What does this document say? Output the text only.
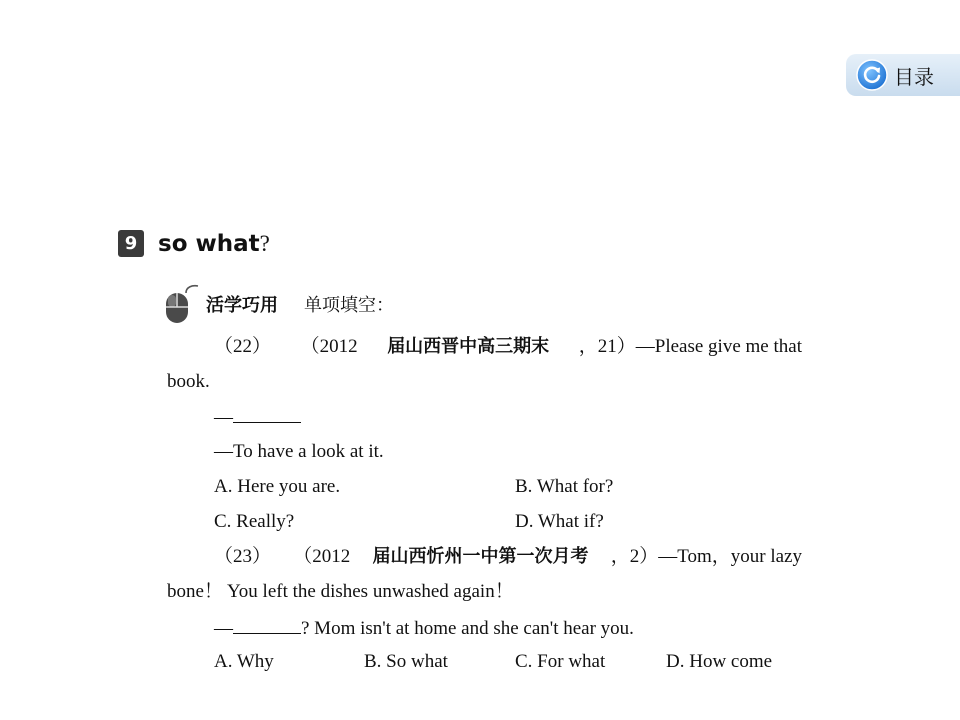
目录
9 so what?
活学巧用 单项填空：
（22） （2012 届山西晋中高三期末 ，21）—Please give me that
book.
—
—To have a look at it.
A. Here you are.	B. What for?
C. Really?	D. What if?
（23） （2012 届山西忻州一中第一次月考 ，2）—Tom，your lazy
bone！ You left the dishes unwashed again！
—	? Mom isn't at home and she can't hear you.
A. Why	B. So what	C. For what	D. How come
